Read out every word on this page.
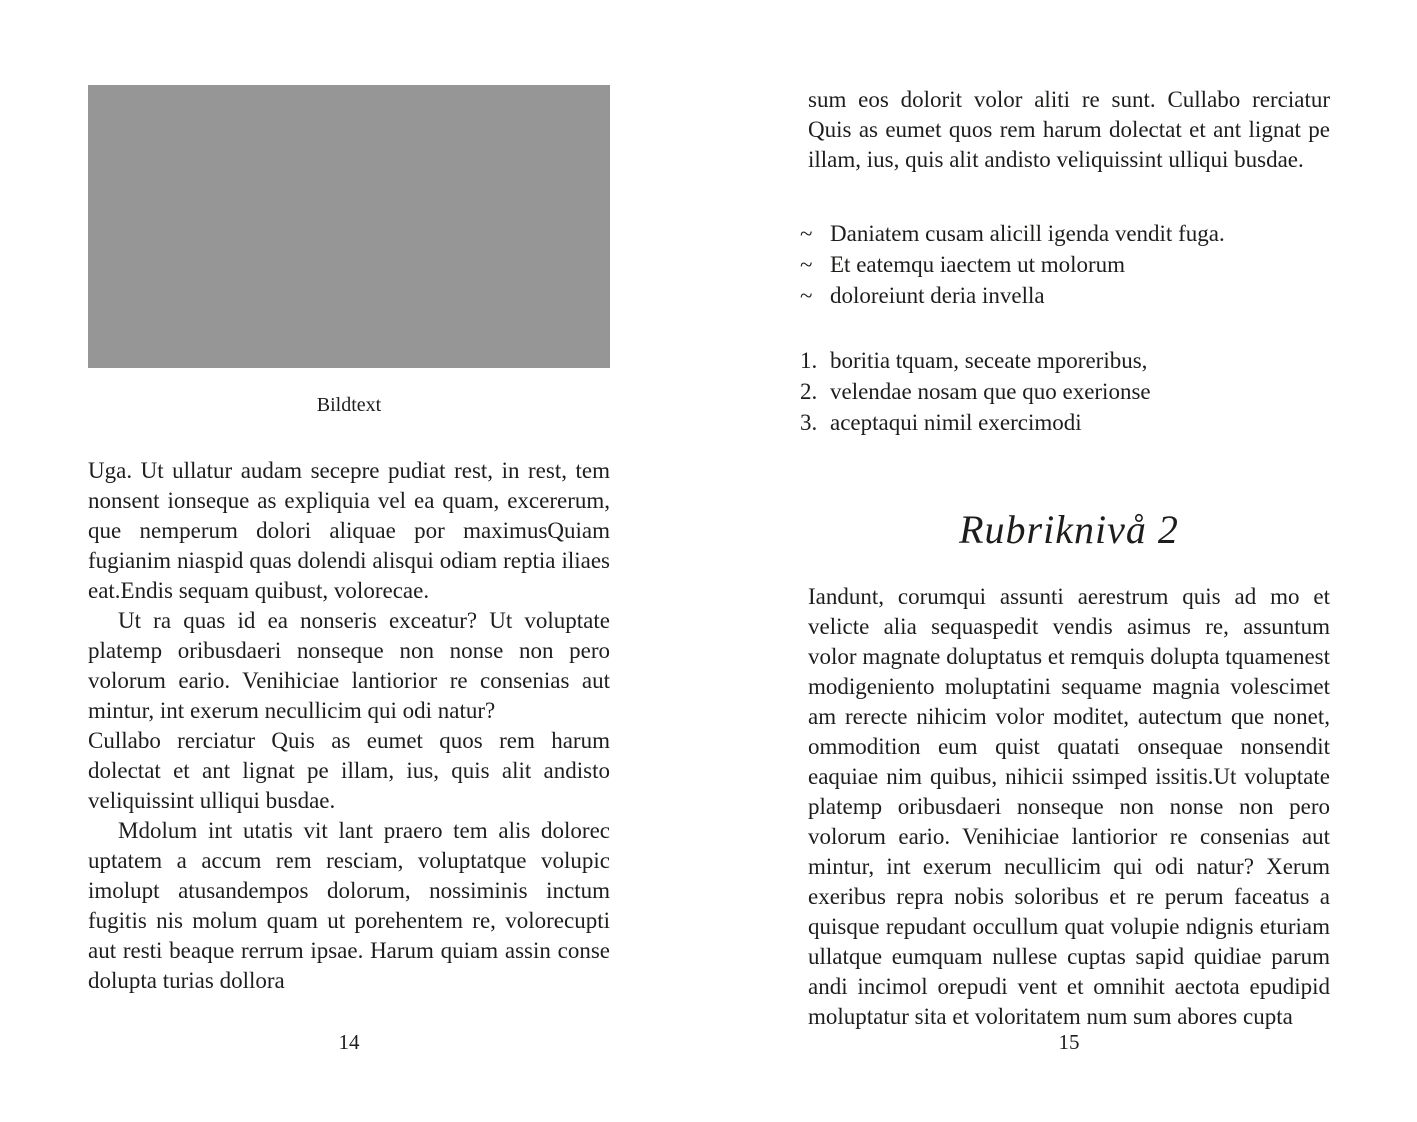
Bildtext

Uga. Ut ullatur audam secepre pudiat rest, in rest, tem nonsent ionseque as expliquia vel ea quam, excererum, que nemperum dolori aliquae por maximusQuiam fugianim niaspid quas dolendi alisqui odiam reptia iliaes eat.Endis sequam quibust, volorecae.

Ut ra quas id ea nonseris exceatur? Ut voluptate platemp oribusdaeri nonseque non nonse non pero volorum eario. Venihiciae lantiorior re consenias aut mintur, int exerum necullicim qui odi natur?

Cullabo rerciatur Quis as eumet quos rem harum dolectat et ant lignat pe illam, ius, quis alit andisto veliquissint ulliqui busdae.

Mdolum int utatis vit lant praero tem alis dolorec uptatem a accum rem resciam, voluptatque volupic imolupt atusandempos dolorum, nossiminis inctum fugitis nis molum quam ut porehentem re, volorecupti aut resti beaque rerrum ipsae. Harum quiam assin conse dolupta turias dollora

14

sum eos dolorit volor aliti re sunt. Cullabo rerciatur Quis as eumet quos rem harum dolectat et ant lignat pe illam, ius, quis alit andisto veliquissint ulliqui busdae.

~ Daniatem cusam alicill igenda vendit fuga.
~ Et eatemqu iaectem ut molorum
~ doloreiunt deria invella
1. boritia tquam, seceate mporeribus,
2. velendae nosam que quo exerionse
3. aceptaqui nimil exercimodi
Rubriknivå 2

Iandunt, corumqui assunti aerestrum quis ad mo et velicte alia sequaspedit vendis asimus re, assuntum volor magnate doluptatus et remquis dolupta tquamenest modigeniento moluptatini sequame magnia volescimet am rerecte nihicim volor moditet, autectum que nonet, ommodition eum quist quatati onsequae nonsendit eaquiae nim quibus, nihicii ssimped issitis.Ut voluptate platemp oribusdaeri nonseque non nonse non pero volorum eario. Venihiciae lantiorior re consenias aut mintur, int exerum necullicim qui odi natur? Xerum exeribus repra nobis soloribus et re perum faceatus a quisque repudant occullum quat volupie ndignis eturiam ullatque eumquam nullese cuptas sapid quidiae parum andi incimol orepudi vent et omnihit aectota epudipid moluptatur sita et voloritatem num sum abores cupta

15
